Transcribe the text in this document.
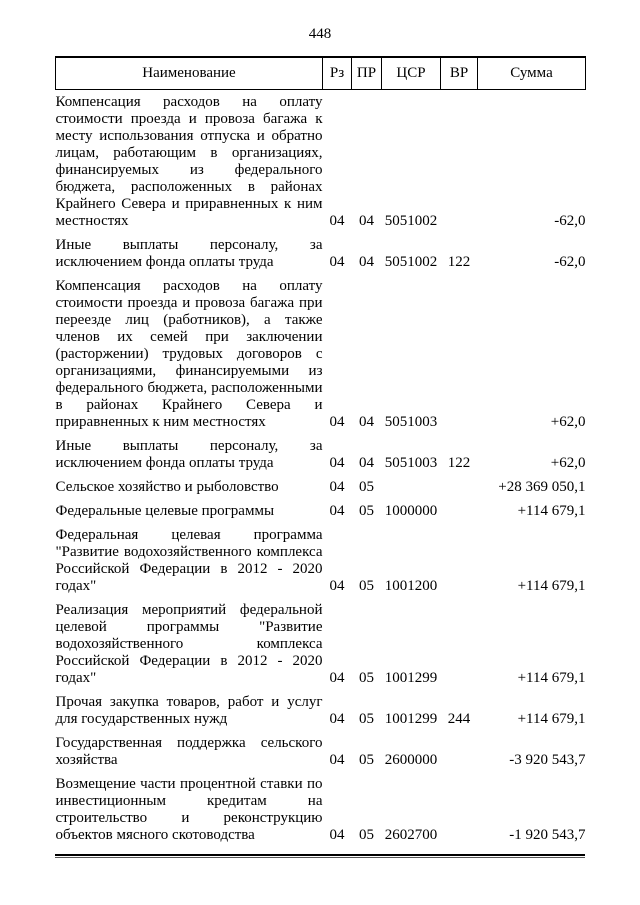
448
Наименование	Рз	ПР	ЦСР	ВР	Сумма
Компенсация расходов на оплату стоимости проезда и провоза багажа к месту использования отпуска и обратно лицам, работающим в организациях, финансируемых из федерального бюджета, расположенных в районах Крайнего Севера и приравненных к ним местностях	04	04	5051002		-62,0
Иные выплаты персоналу, за исключением фонда оплаты труда	04	04	5051002	122	-62,0
Компенсация расходов на оплату стоимости проезда и провоза багажа при переезде лиц (работников), а также членов их семей при заключении (расторжении) трудовых договоров с организациями, финансируемыми из федерального бюджета, расположенными в районах Крайнего Севера и приравненных к ним местностях	04	04	5051003		+62,0
Иные выплаты персоналу, за исключением фонда оплаты труда	04	04	5051003	122	+62,0
Сельское хозяйство и рыболовство	04	05			+28 369 050,1
Федеральные целевые программы	04	05	1000000		+114 679,1
Федеральная целевая программа "Развитие водохозяйственного комплекса Российской Федерации в 2012 - 2020 годах"	04	05	1001200		+114 679,1
Реализация мероприятий федеральной целевой программы "Развитие водохозяйственного комплекса Российской Федерации в 2012 - 2020 годах"	04	05	1001299		+114 679,1
Прочая закупка товаров, работ и услуг для государственных нужд	04	05	1001299	244	+114 679,1
Государственная поддержка сельского хозяйства	04	05	2600000		-3 920 543,7
Возмещение части процентной ставки по инвестиционным кредитам на строительство и реконструкцию объектов мясного скотоводства	04	05	2602700		-1 920 543,7
